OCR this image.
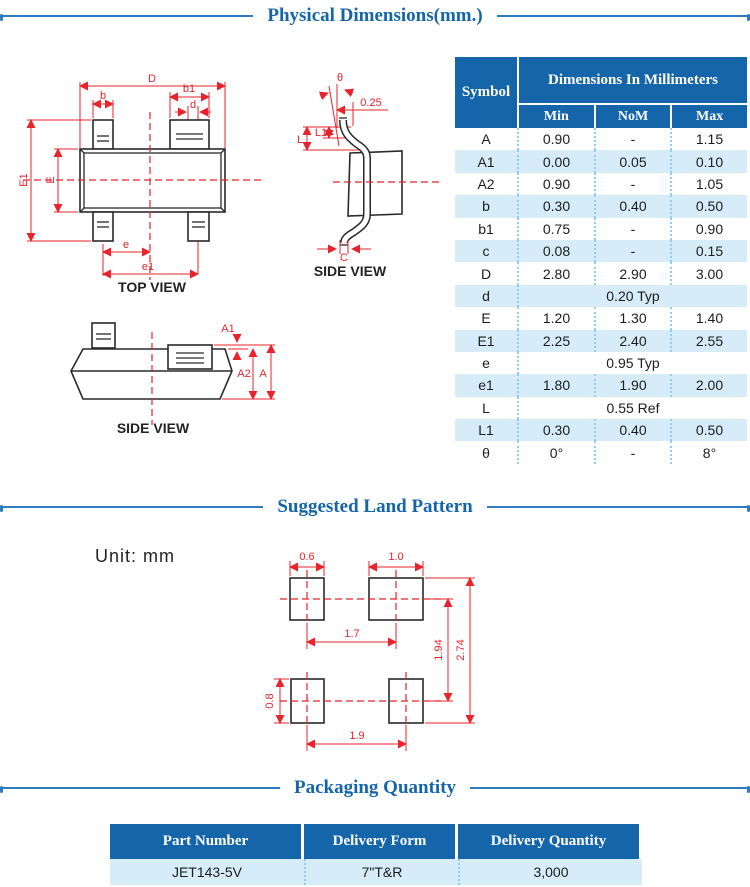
Physical Dimensions(mm.)
D
b
b1
d
E1 E
e
e1
TOP VIEW
θ
0.25
L
L1
C
SIDE VIEW
Symbol
Dimensions In Millimeters
Min	NoM	Max
A	0.90	-	1.15
A1	0.00	0.05	0.10
A2	0.90	-	1.05
b	0.30	0.40	0.50
b1	0.75	-	0.90
c	0.08	-	0.15
D	2.80	2.90	3.00
d	0.20 Typ
E	1.20	1.30	1.40
E1	2.25	2.40	2.55
e	0.95 Typ
e1	1.80	1.90	2.00
L	0.55 Ref
L1	0.30	0.40	0.50
θ	0°	-	8°
A1
A2 A
SIDE VIEW
Suggested Land Pattern
Unit: mm	0.6	1.0
1.7
1.9
0.8
1.94 2.74
Packaging Quantity
Part Number	Delivery Form	Delivery Quantity
JET143-5V	7"T&R	3,000
